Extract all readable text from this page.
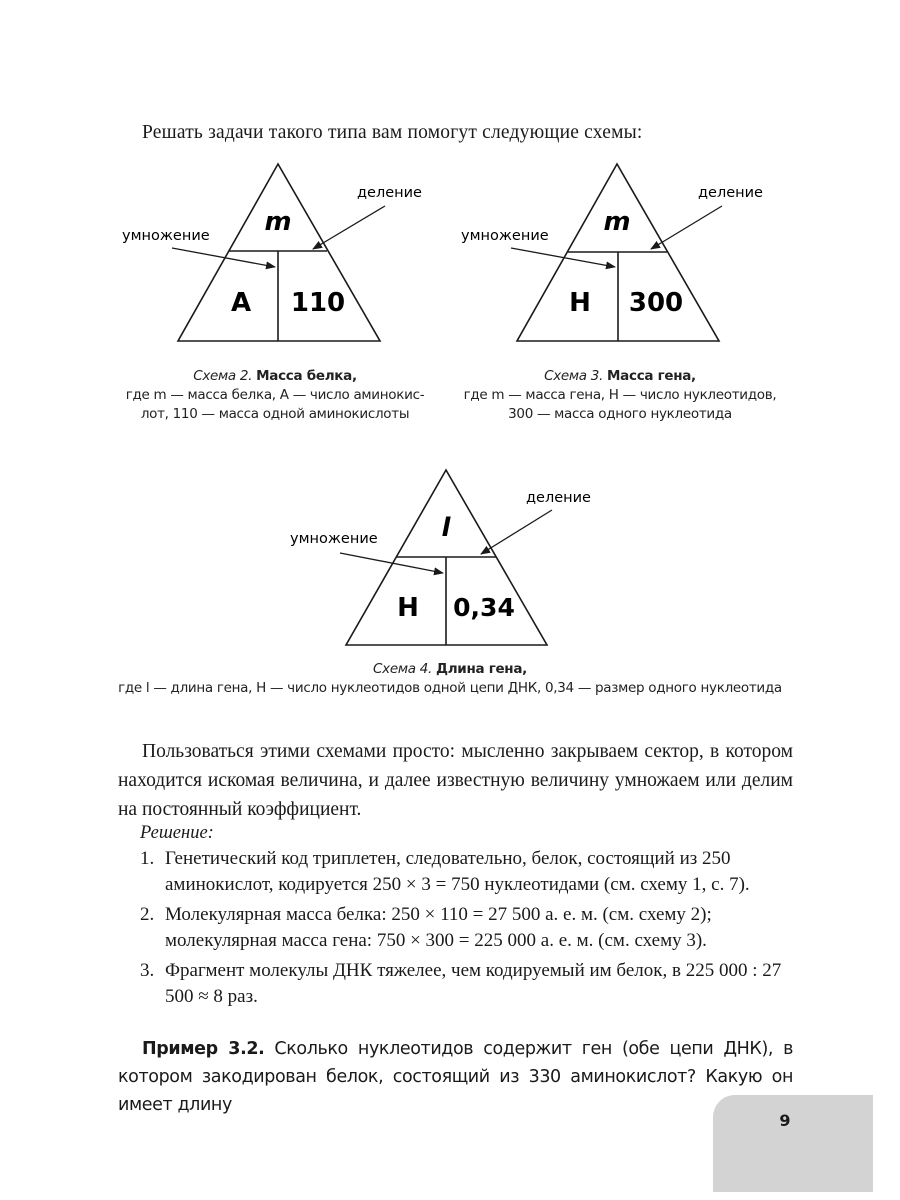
Решать задачи такого типа вам помогут следующие схемы:
m
A 110
умножение
деление
m
Н 300
умножение
деление
l
Н 0,34
умножение
деление
Схема 2. Масса белка,
где m — масса белка, А — число аминокис-
лот, 110 — масса одной аминокислоты
Схема 3. Масса гена,
где m — масса гена, Н — число нуклеотидов,
300 — масса одного нуклеотида
Схема 4. Длина гена,
где l — длина гена, Н — число нуклеотидов одной цепи ДНК, 0,34 — размер одного нуклеотида
Пользоваться этими схемами просто: мысленно закрываем сектор, в котором находится искомая величина, и далее известную величину умножаем или делим на постоянный коэффициент.
Решение:
1. Генетический код триплетен, следовательно, белок, состоящий из 250 аминокислот, кодируется 250 × 3 = 750 нуклеотидами (см. схему 1, с. 7).
2. Молекулярная масса белка: 250 × 110 = 27 500 а. е. м. (см. схему 2); молекулярная масса гена: 750 × 300 = 225 000 а. е. м. (см. схему 3).
3. Фрагмент молекулы ДНК тяжелее, чем кодируемый им белок, в 225 000 : 27 500 ≈ 8 раз.
Пример 3.2. Сколько нуклеотидов содержит ген (обе цепи ДНК), в котором закодирован белок, состоящий из 330 аминокислот? Какую он имеет длину
9
